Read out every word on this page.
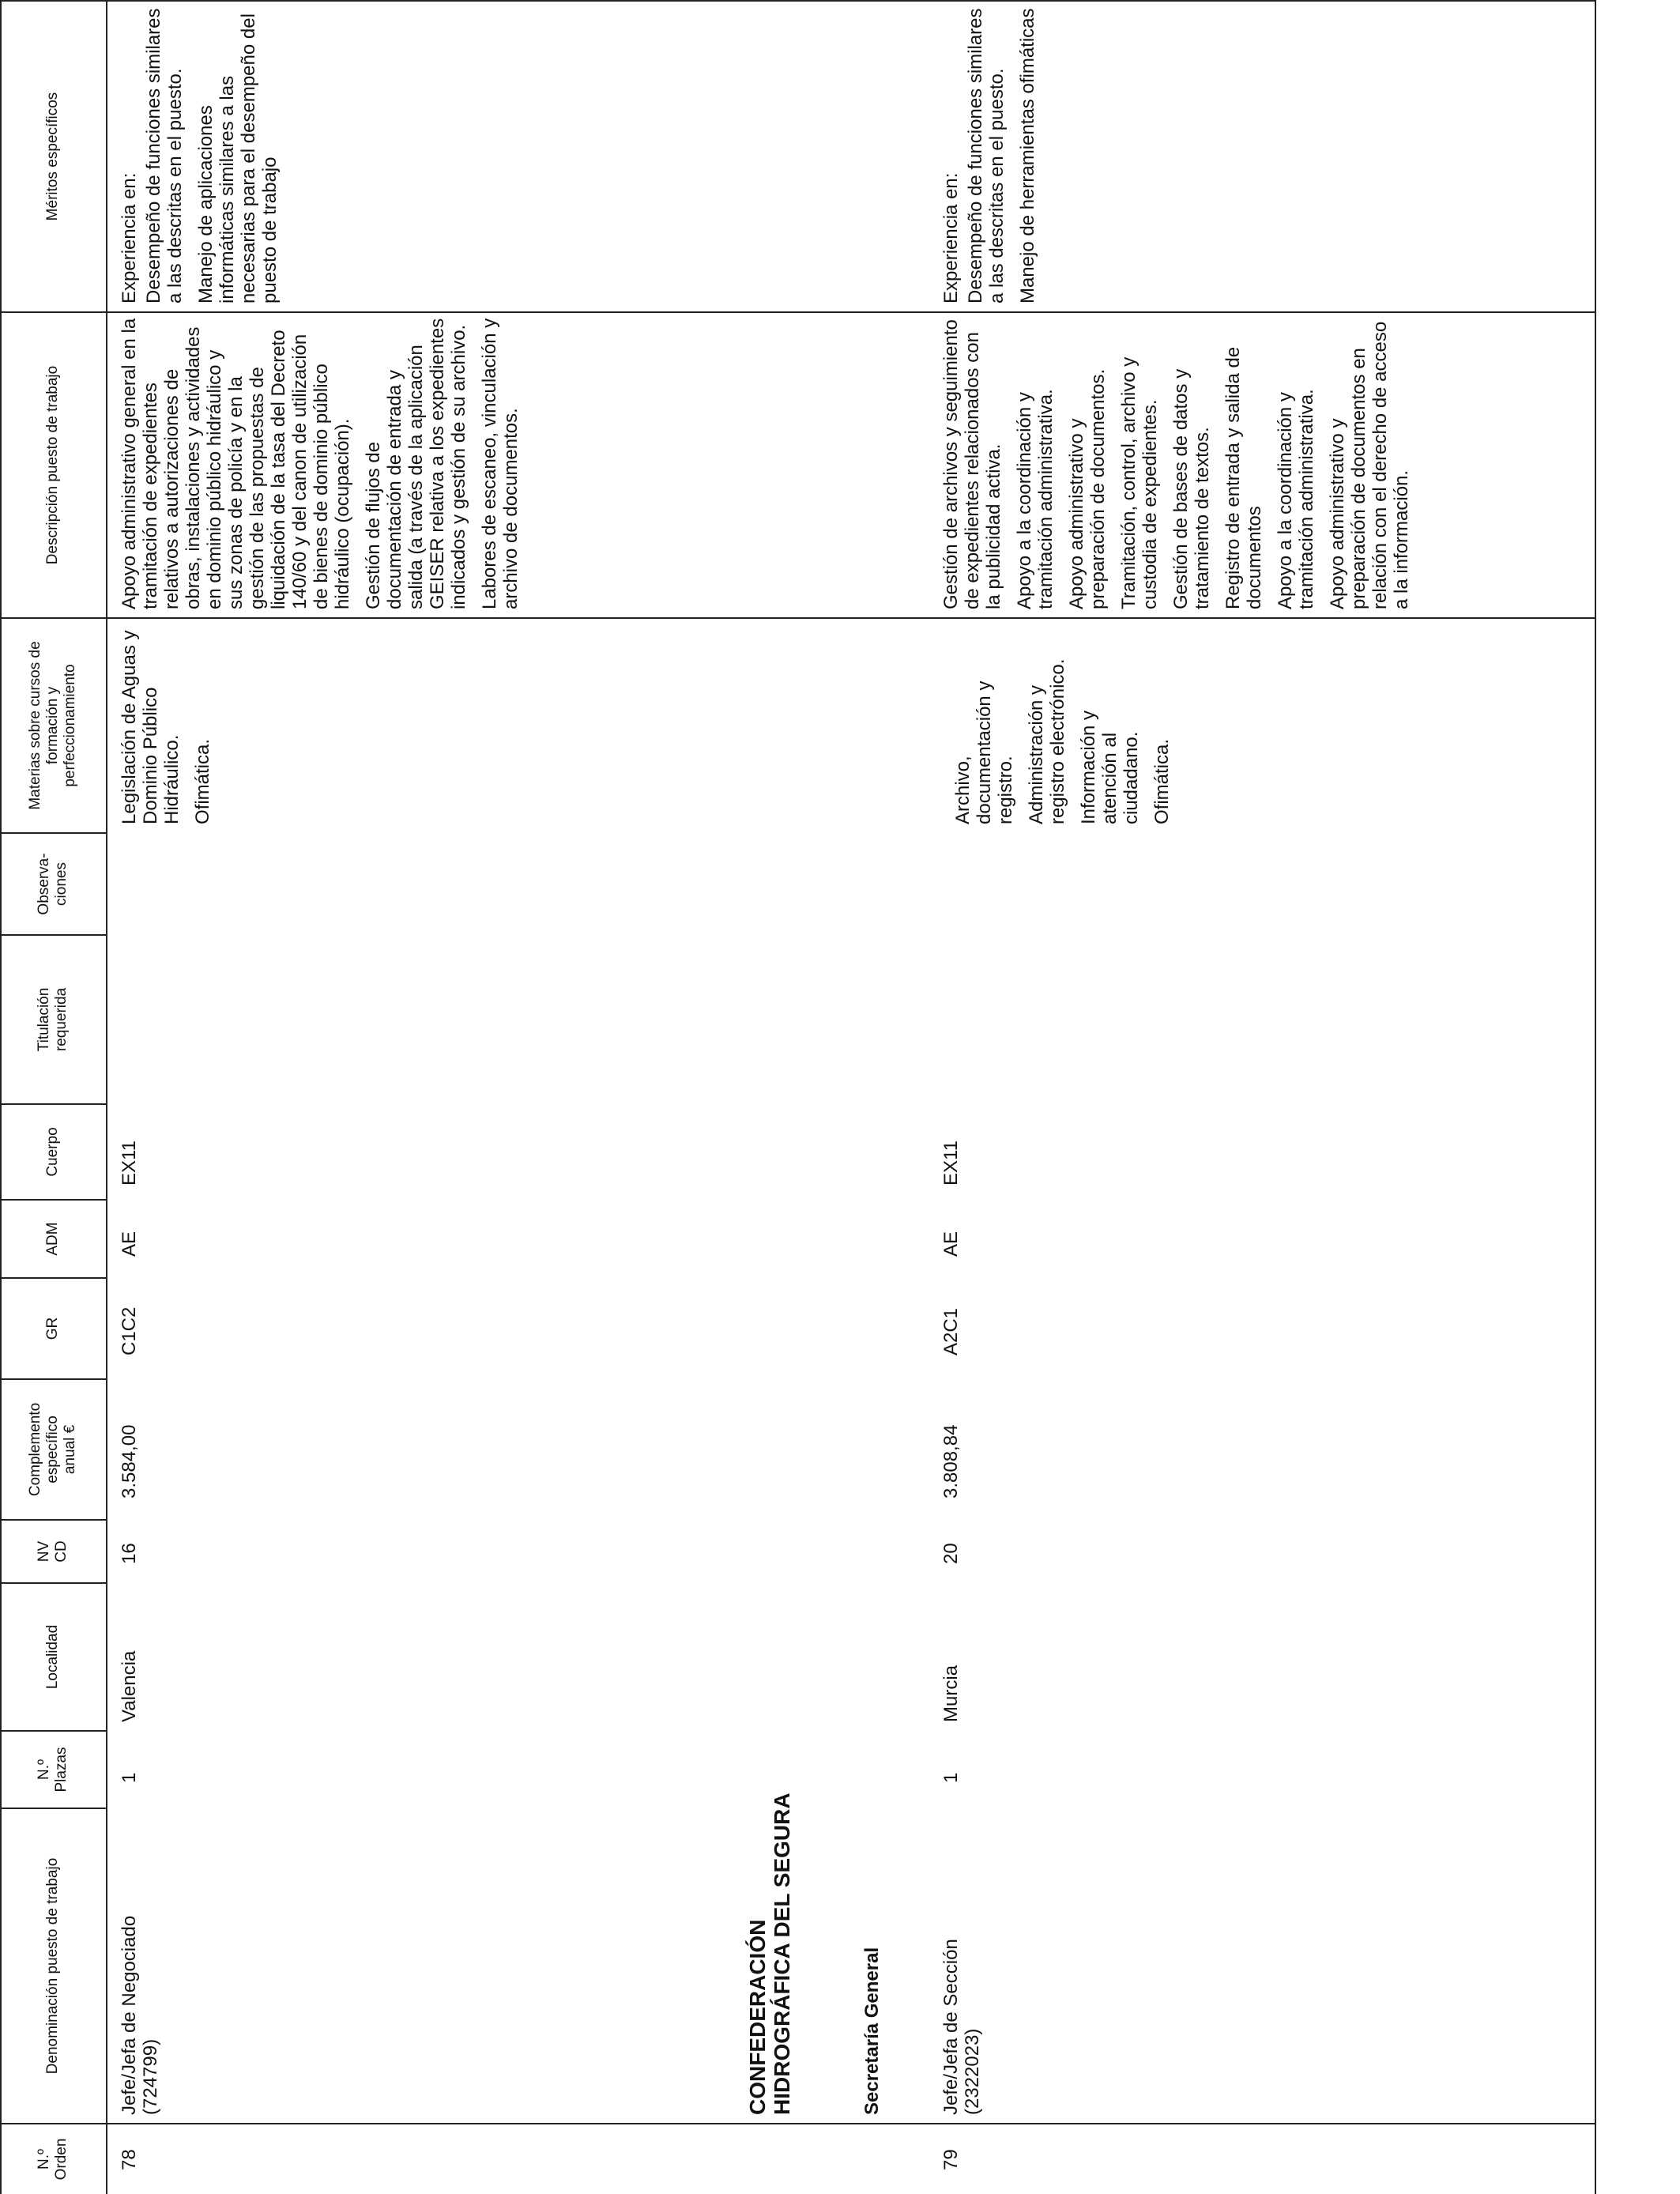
N.º Orden
Denominación puesto de trabajo
N.º Plazas
Localidad
NV CD
Complemento específico anual €
GR
ADM
Cuerpo
Titulación requerida
Observa-ciones
Materias sobre cursos de formación y perfeccionamiento
Descripción puesto de trabajo
Méritos específicos
78
Jefe/Jefa de Negociado (724799)
1
Valencia
16
3.584,00
C1C2
AE
EX11

Legislación de Aguas y Dominio Público Hidráulico. Ofimática.

Apoyo administrativo general en la tramitación de expedientes relativos a autorizaciones de obras, instalaciones y actividades en dominio público hidráulico y sus zonas de policía y en la gestión de las propuestas de liquidación de la tasa del Decreto 140/60 y del canon de utilización de bienes de dominio público hidráulico (ocupación). Gestión de flujos de documentación de entrada y salida (a través de la aplicación GEISER relativa a los expedientes indicados y gestión de su archivo. Labores de escaneo, vinculación y archivo de documentos.

Experiencia en: Desempeño de funciones similares a las descritas en el puesto. Manejo de aplicaciones informáticas similares a las necesarias para el desempeño del puesto de trabajo

CONFEDERACIÓN HIDROGRÁFICA DEL SEGURA	Secretaría General
79
Jefe/Jefa de Sección (2322023)
1
Murcia
20
3.808,84
A2C1
AE
EX11

Archivo, documentación y registro. Administración y registro electrónico. Información y atención al ciudadano. Ofimática.

Gestión de archivos y seguimiento de expedientes relacionados con la publicidad activa. Apoyo a la coordinación y tramitación administrativa. Apoyo administrativo y preparación de documentos. Tramitación, control, archivo y custodia de expedientes. Gestión de bases de datos y tratamiento de textos. Registro de entrada y salida de documentos Apoyo a la coordinación y tramitación administrativa. Apoyo administrativo y preparación de documentos en relación con el derecho de acceso a la información.

Experiencia en: Desempeño de funciones similares a las descritas en el puesto. Manejo de herramientas ofimáticas
